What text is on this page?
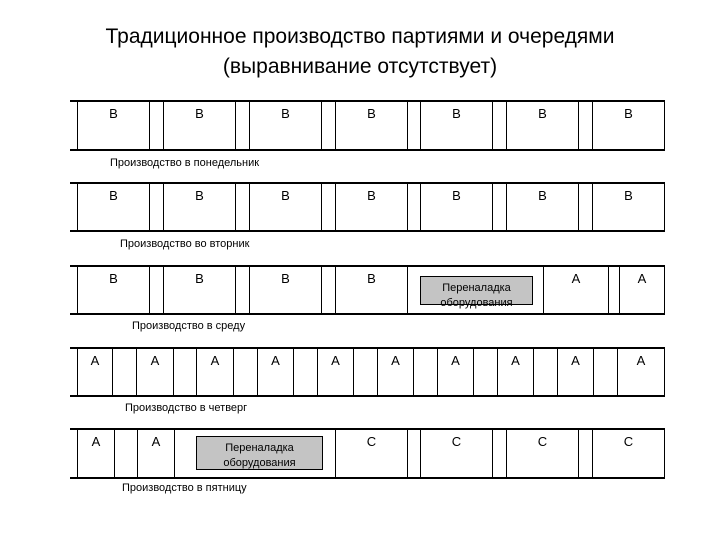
Традиционное производство партиями и очередями
(выравнивание отсутствует)
B	B	B	B	B	B	B
Производство в понедельник
B	B	B	B	B	B	B
Производство во вторник
B	B	B	B
Переналадка оборудования
A	A
Производство в среду
A	A	A	A	A	A	A	A	A	A
Производство в четверг
A	A	Переналадка оборудования
C	C	C	C
Производство в пятницу
